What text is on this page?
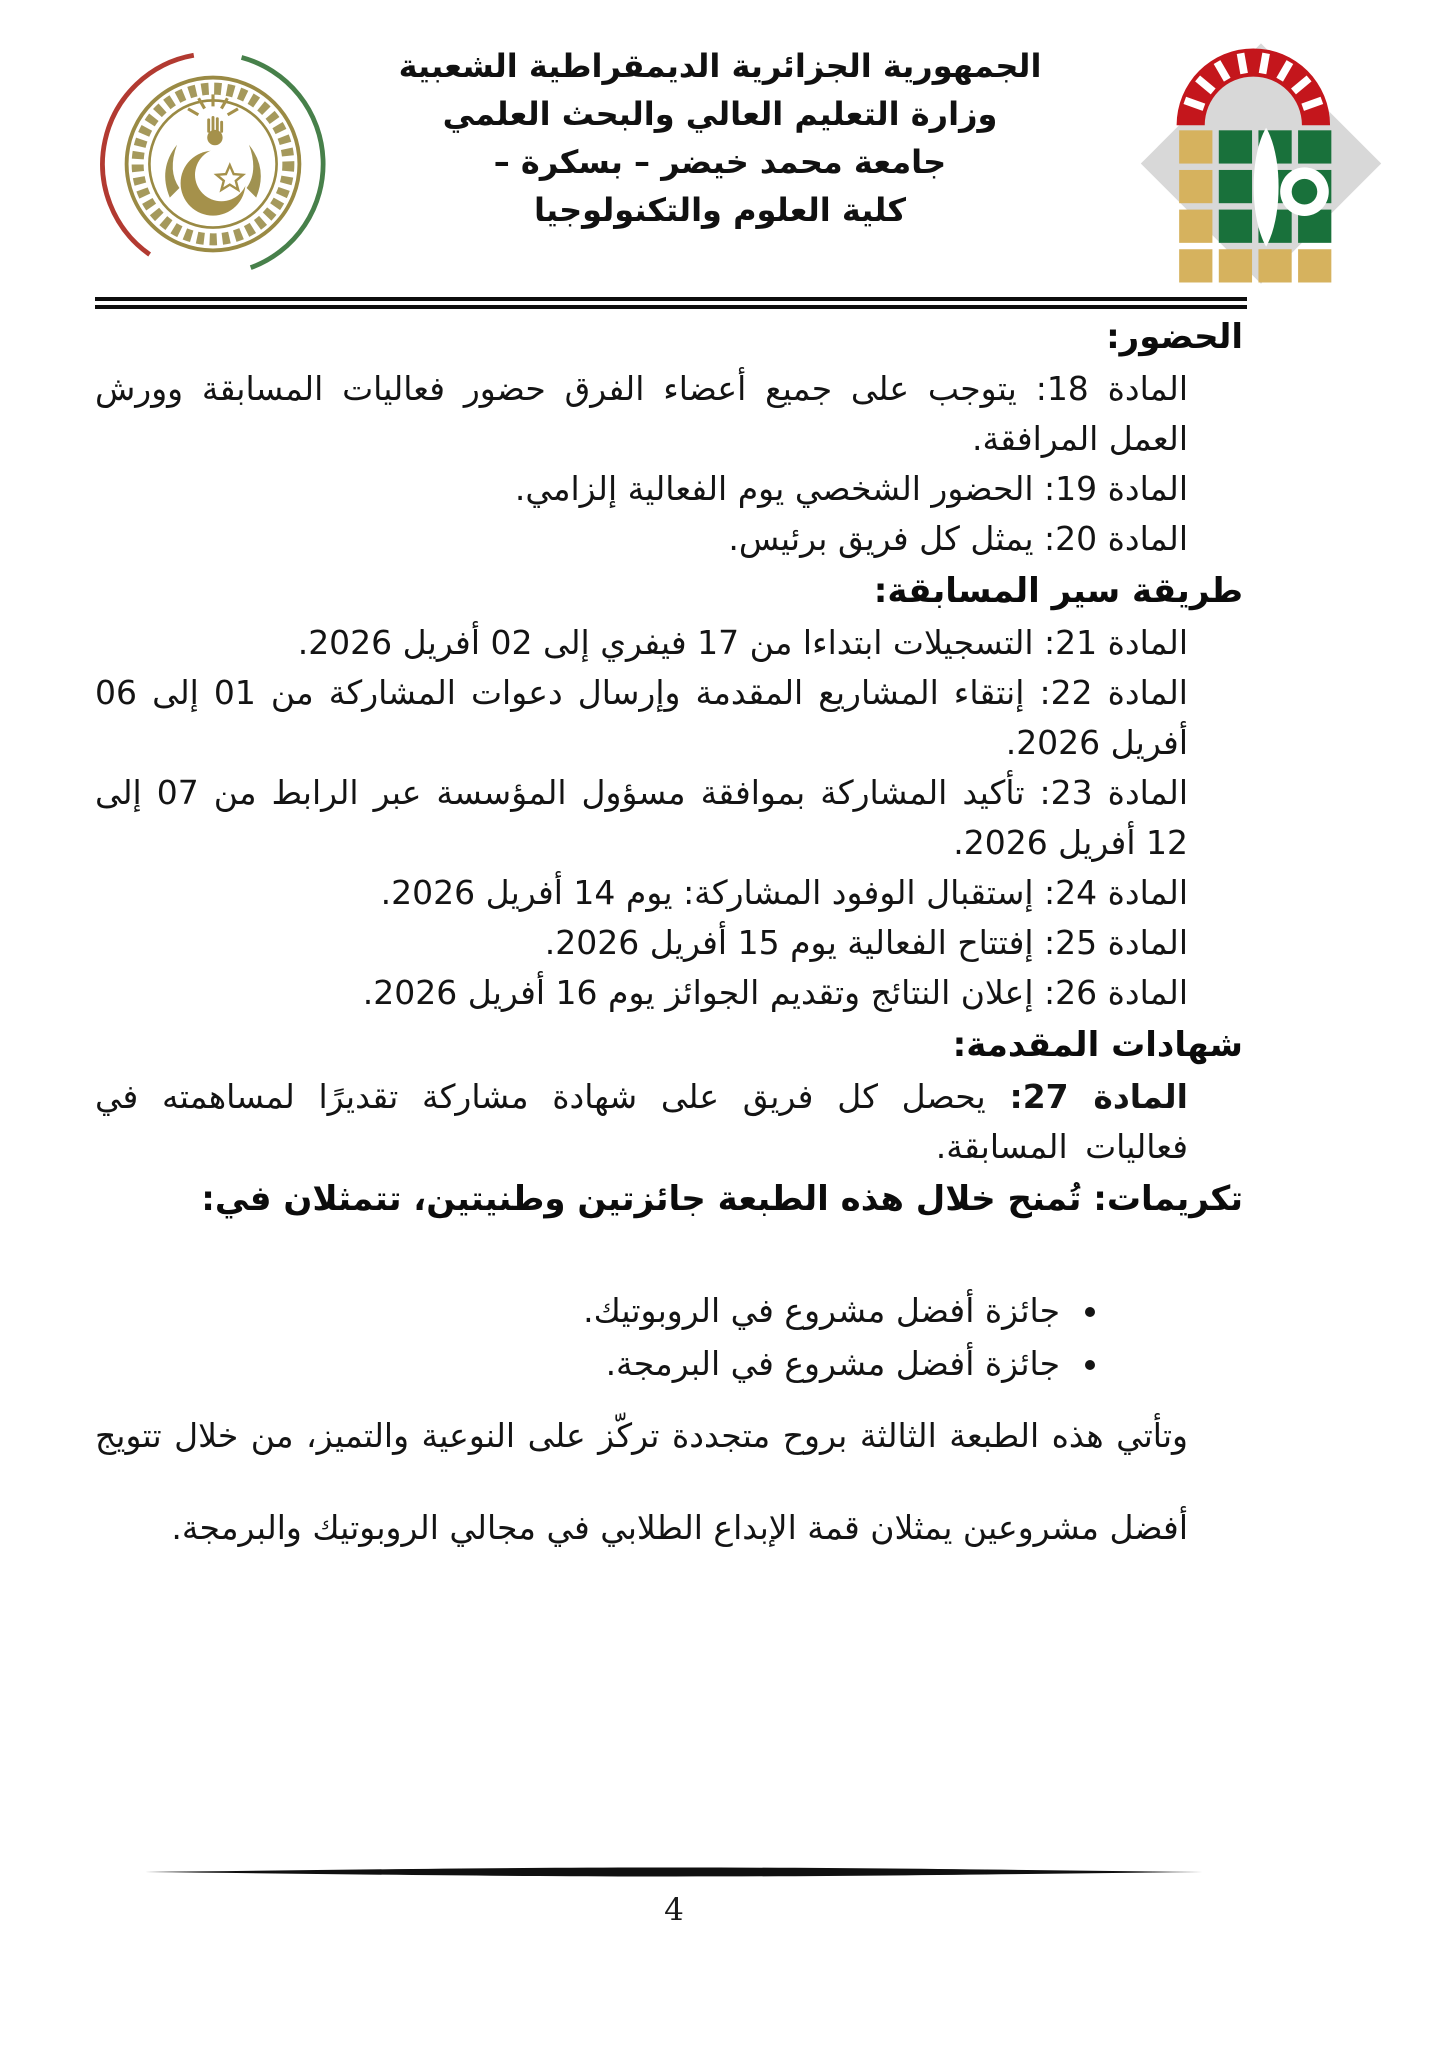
الجمهورية الجزائرية الديمقراطية الشعبية
وزارة التعليم العالي والبحث العلمي
جامعة محمد خيضر – بسكرة –
كلية العلوم والتكنولوجيا
الحضور:

المادة 18: يتوجب على جميع أعضاء الفرق حضور فعاليات المسابقة وورش العمل المرافقة.

المادة 19: الحضور الشخصي يوم الفعالية إلزامي.

المادة 20: يمثل كل فريق برئيس.

طريقة سير المسابقة:

المادة 21: التسجيلات ابتداءا من 17 فيفري إلى 02 أفريل 2026.

المادة 22: إنتقاء المشاريع المقدمة وإرسال دعوات المشاركة من 01 إلى 06 أفريل 2026.

المادة 23: تأكيد المشاركة بموافقة مسؤول المؤسسة عبر الرابط من 07 إلى 12 أفريل 2026.

المادة 24: إستقبال الوفود المشاركة: يوم 14 أفريل 2026.

المادة 25: إفتتاح الفعالية يوم 15 أفريل 2026.

المادة 26: إعلان النتائج وتقديم الجوائز يوم 16 أفريل 2026.

شهادات المقدمة:

المادة 27: يحصل كل فريق على شهادة مشاركة تقديرًا لمساهمته في فعاليات المسابقة.

تكريمات: تُمنح خلال هذه الطبعة جائزتين وطنيتين، تتمثلان في:
• جائزة أفضل مشروع في الروبوتيك.
• جائزة أفضل مشروع في البرمجة.

وتأتي هذه الطبعة الثالثة بروح متجددة تركّز على النوعية والتميز، من خلال تتويج أفضل مشروعين يمثلان قمة الإبداع الطلابي في مجالي الروبوتيك والبرمجة.

4
